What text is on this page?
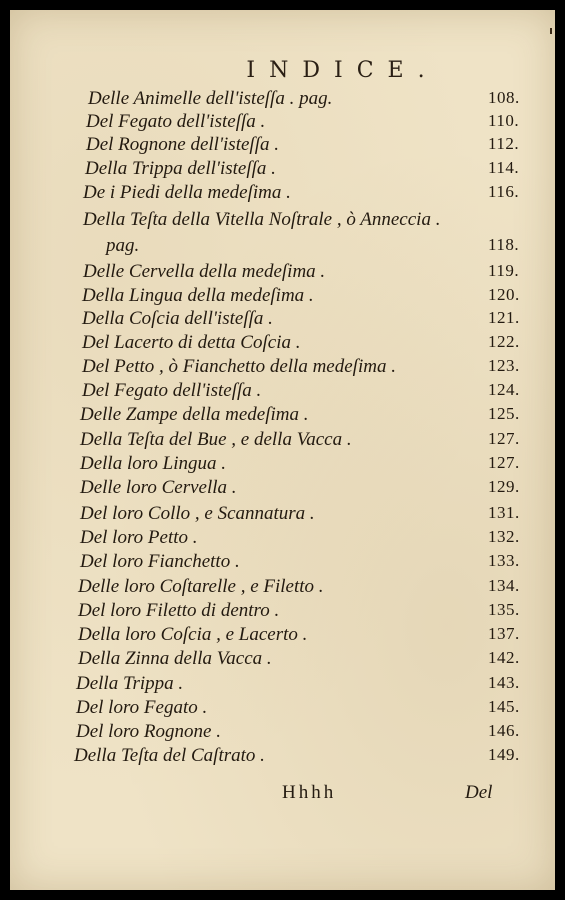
INDICE.
Delle Animelle dell'isteſſa . pag.	108.
Del Fegato dell'isteſſa .	110.
Del Rognone dell'isteſſa .	112.
Della Trippa dell'isteſſa .	114.
De i Piedi della medeſima .	116.
Della Teſta della Vitella Noſtrale , ò Anneccia .
pag.	118.
Delle Cervella della medeſima .	119.
Della Lingua della medeſima .	120.
Della Coſcia dell'isteſſa .	121.
Del Lacerto di detta Coſcia .	122.
Del Petto , ò Fianchetto della medeſima .	123.
Del Fegato dell'isteſſa .	124.
Delle Zampe della medeſima .	125.
Della Teſta del Bue , e della Vacca .	127.
Della loro Lingua .	127.
Delle loro Cervella .	129.
Del loro Collo , e Scannatura .	131.
Del loro Petto .	132.
Del loro Fianchetto .	133.
Delle loro Coſtarelle , e Filetto .	134.
Del loro Filetto di dentro .	135.
Della loro Coſcia , e Lacerto .	137.
Della Zinna della Vacca .	142.
Della Trippa .	143.
Del loro Fegato .	145.
Del loro Rognone .	146.
Della Teſta del Caſtrato .	149.
Hhhh	Del
